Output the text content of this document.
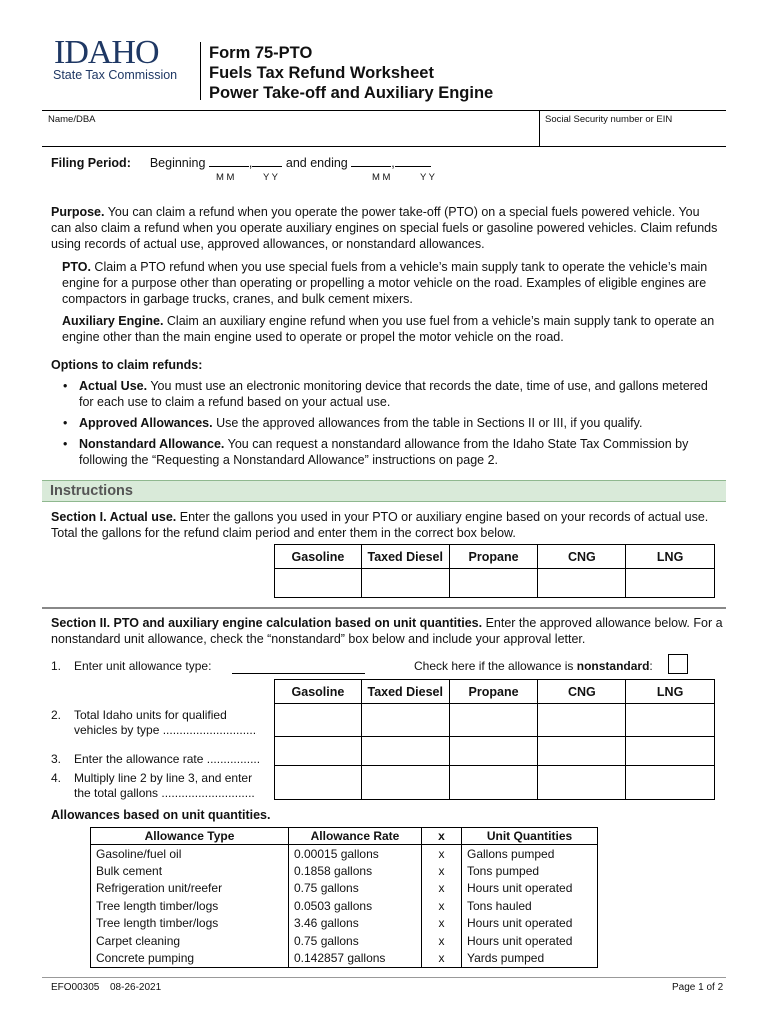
IDAHO
State Tax Commission
Form 75-PTO
Fuels Tax Refund Worksheet
Power Take-off and Auxiliary Engine
Name/DBA	Social Security number or EIN
Filing Period: Beginning	,	and ending	,
M M	Y Y	M M	Y Y

Purpose. You can claim a refund when you operate the power take-off (PTO) on a special fuels powered vehicle. You can also claim a refund when you operate auxiliary engines on special fuels or gasoline powered vehicles. Claim refunds using records of actual use, approved allowances, or nonstandard allowances.

PTO. Claim a PTO refund when you use special fuels from a vehicle’s main supply tank to operate the vehicle’s main engine for a purpose other than operating or propelling a motor vehicle on the road. Examples of eligible engines are compactors in garbage trucks, cranes, and bulk cement mixers.

Auxiliary Engine. Claim an auxiliary engine refund when you use fuel from a vehicle’s main supply tank to operate an engine other than the main engine used to operate or propel the motor vehicle on the road.

Options to claim refunds:
• Actual Use. You must use an electronic monitoring device that records the date, time of use, and gallons metered for each use to claim a refund based on your actual use.
• Approved Allowances. Use the approved allowances from the table in Sections II or III, if you qualify.
• Nonstandard Allowance. You can request a nonstandard allowance from the Idaho State Tax Commission by following the “Requesting a Nonstandard Allowance” instructions on page 2.
Instructions

Section I. Actual use. Enter the gallons you used in your PTO or auxiliary engine based on your records of actual use. Total the gallons for the refund claim period and enter them in the correct box below.

Gasoline	Taxed Diesel	Propane	CNG	LNG

Section II. PTO and auxiliary engine calculation based on unit quantities. Enter the approved allowance below. For a nonstandard unit allowance, check the “nonstandard” box below and include your approval letter.

1. Enter unit allowance type:	Check here if the allowance is nonstandard:
Gasoline	Taxed Diesel	Propane	CNG	LNG

2. Total Idaho units for qualified vehicles by type ............................
3. Enter the allowance rate ................
4. Multiply line 2 by line 3, and enter the total gallons ............................
Allowances based on unit quantities.
Allowance Type	Allowance Rate	x	Unit Quantities
Gasoline/fuel oil	0.00015 gallons	x	Gallons pumped
Bulk cement	0.1858 gallons	x	Tons pumped
Refrigeration unit/reefer	0.75 gallons	x	Hours unit operated
Tree length timber/logs	0.0503 gallons	x	Tons hauled
Tree length timber/logs	3.46 gallons	x	Hours unit operated
Carpet cleaning	0.75 gallons	x	Hours unit operated
Concrete pumping	0.142857 gallons	x	Yards pumped
EFO00305 08-26-2021	Page 1 of 2
